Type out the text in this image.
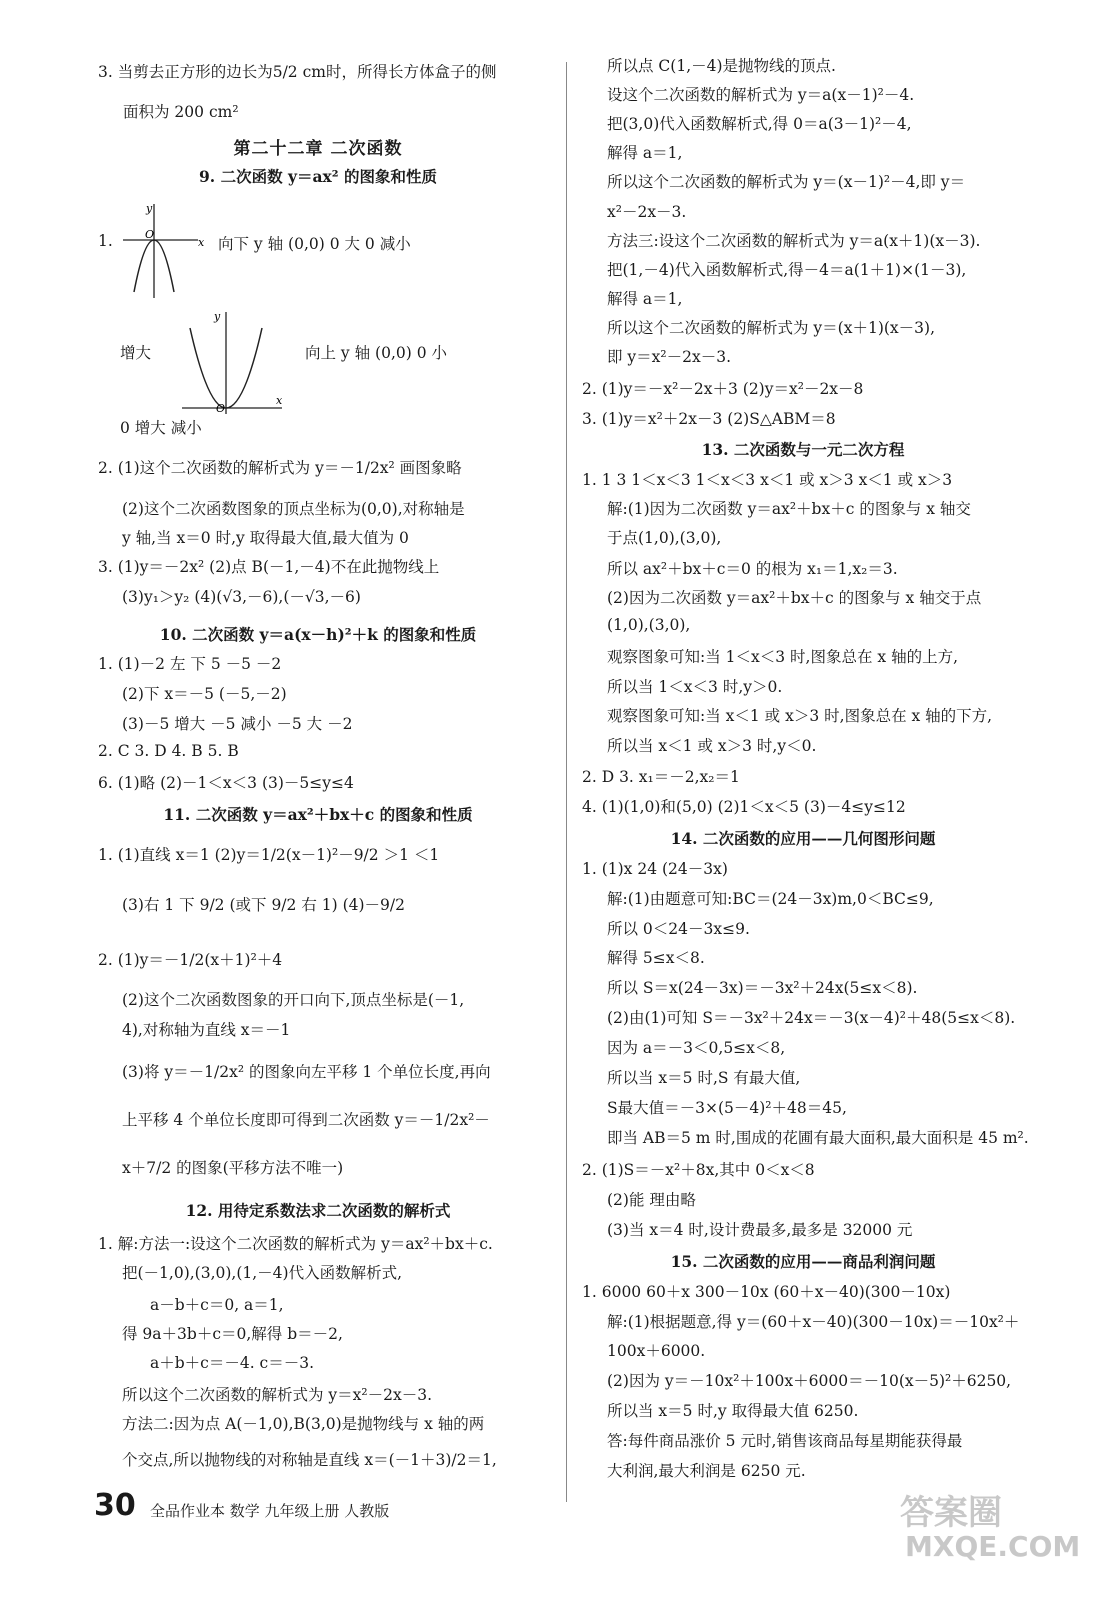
3. 当剪去正方形的边长为5/2 cm时，所得长方体盒子的侧
面积为 200 cm²
1.	向下 y 轴 (0,0) 0 大 0 减小
增大	向上 y 轴 (0,0) 0 小
0 增大 减小
2. (1)这个二次函数的解析式为 y＝－1/2x² 画图象略
(2)这个二次函数图象的顶点坐标为(0,0),对称轴是
y 轴,当 x＝0 时,y 取得最大值,最大值为 0
3. (1)y＝－2x² (2)点 B(－1,－4)不在此抛物线上
(3)y₁＞y₂ (4)(√3,－6),(－√3,－6)
1. (1)－2 左 下 5 －5 －2
(2)下 x＝－5 (－5,－2)
(3)－5 增大 －5 减小 －5 大 －2
2. C 3. D 4. B 5. B
6. (1)略 (2)－1＜x＜3 (3)－5≤y≤4
1. (1)直线 x＝1 (2)y＝1/2(x－1)²－9/2 ＞1 ＜1
(3)右 1 下 9/2 (或下 9/2 右 1) (4)－9/2
2. (1)y＝－1/2(x＋1)²＋4
(2)这个二次函数图象的开口向下,顶点坐标是(－1,
4),对称轴为直线 x＝－1
(3)将 y＝－1/2x² 的图象向左平移 1 个单位长度,再向
上平移 4 个单位长度即可得到二次函数 y＝－1/2x²－
x＋7/2 的图象(平移方法不唯一)
1. 解:方法一:设这个二次函数的解析式为 y＝ax²＋bx＋c.
把(－1,0),(3,0),(1,－4)代入函数解析式,
a－b＋c＝0, a＝1,
得 9a＋3b＋c＝0,解得 b＝－2,
a＋b＋c＝－4. c＝－3.
所以这个二次函数的解析式为 y＝x²－2x－3.
方法二:因为点 A(－1,0),B(3,0)是抛物线与 x 轴的两
个交点,所以抛物线的对称轴是直线 x＝(－1＋3)/2＝1,
第二十二章 二次函数
9. 二次函数 y＝ax² 的图象和性质
10. 二次函数 y＝a(x－h)²＋k 的图象和性质
11. 二次函数 y＝ax²＋bx＋c 的图象和性质
12. 用待定系数法求二次函数的解析式
所以点 C(1,－4)是抛物线的顶点.
设这个二次函数的解析式为 y＝a(x－1)²－4.
把(3,0)代入函数解析式,得 0＝a(3－1)²－4,
解得 a＝1,
所以这个二次函数的解析式为 y＝(x－1)²－4,即 y＝
x²－2x－3.
方法三:设这个二次函数的解析式为 y＝a(x＋1)(x－3).
把(1,－4)代入函数解析式,得－4＝a(1＋1)×(1－3),
解得 a＝1,
所以这个二次函数的解析式为 y＝(x＋1)(x－3),
即 y＝x²－2x－3.
2. (1)y＝－x²－2x＋3 (2)y＝x²－2x－8
3. (1)y＝x²＋2x－3 (2)S△ABM＝8
1. 1 3 1＜x＜3 1＜x＜3 x＜1 或 x＞3 x＜1 或 x＞3
解:(1)因为二次函数 y＝ax²＋bx＋c 的图象与 x 轴交
于点(1,0),(3,0),
所以 ax²＋bx＋c＝0 的根为 x₁＝1,x₂＝3.
(2)因为二次函数 y＝ax²＋bx＋c 的图象与 x 轴交于点
(1,0),(3,0),
观察图象可知:当 1＜x＜3 时,图象总在 x 轴的上方,
所以当 1＜x＜3 时,y＞0.
观察图象可知:当 x＜1 或 x＞3 时,图象总在 x 轴的下方,
所以当 x＜1 或 x＞3 时,y＜0.
2. D 3. x₁＝－2,x₂＝1
4. (1)(1,0)和(5,0) (2)1＜x＜5 (3)－4≤y≤12
1. (1)x 24 (24－3x)
解:(1)由题意可知:BC＝(24－3x)m,0＜BC≤9,
所以 0＜24－3x≤9.
解得 5≤x＜8.
所以 S＝x(24－3x)＝－3x²＋24x(5≤x＜8).
(2)由(1)可知 S＝－3x²＋24x＝－3(x－4)²＋48(5≤x＜8).
因为 a＝－3＜0,5≤x＜8,
所以当 x＝5 时,S 有最大值,
S最大值＝－3×(5－4)²＋48＝45,
即当 AB＝5 m 时,围成的花圃有最大面积,最大面积是 45 m².
2. (1)S＝－x²＋8x,其中 0＜x＜8
(2)能 理由略
(3)当 x＝4 时,设计费最多,最多是 32000 元
1. 6000 60＋x 300－10x (60＋x－40)(300－10x)
解:(1)根据题意,得 y＝(60＋x－40)(300－10x)＝－10x²＋
100x＋6000.
(2)因为 y＝－10x²＋100x＋6000＝－10(x－5)²＋6250,
所以当 x＝5 时,y 取得最大值 6250.
答:每件商品涨价 5 元时,销售该商品每星期能获得最
大利润,最大利润是 6250 元.
13. 二次函数与一元二次方程
14. 二次函数的应用——几何图形问题
15. 二次函数的应用——商品利润问题
y
x
O
y
x
O
30 全品作业本 数学 九年级上册 人教版	答案圈
MXQE.COM
